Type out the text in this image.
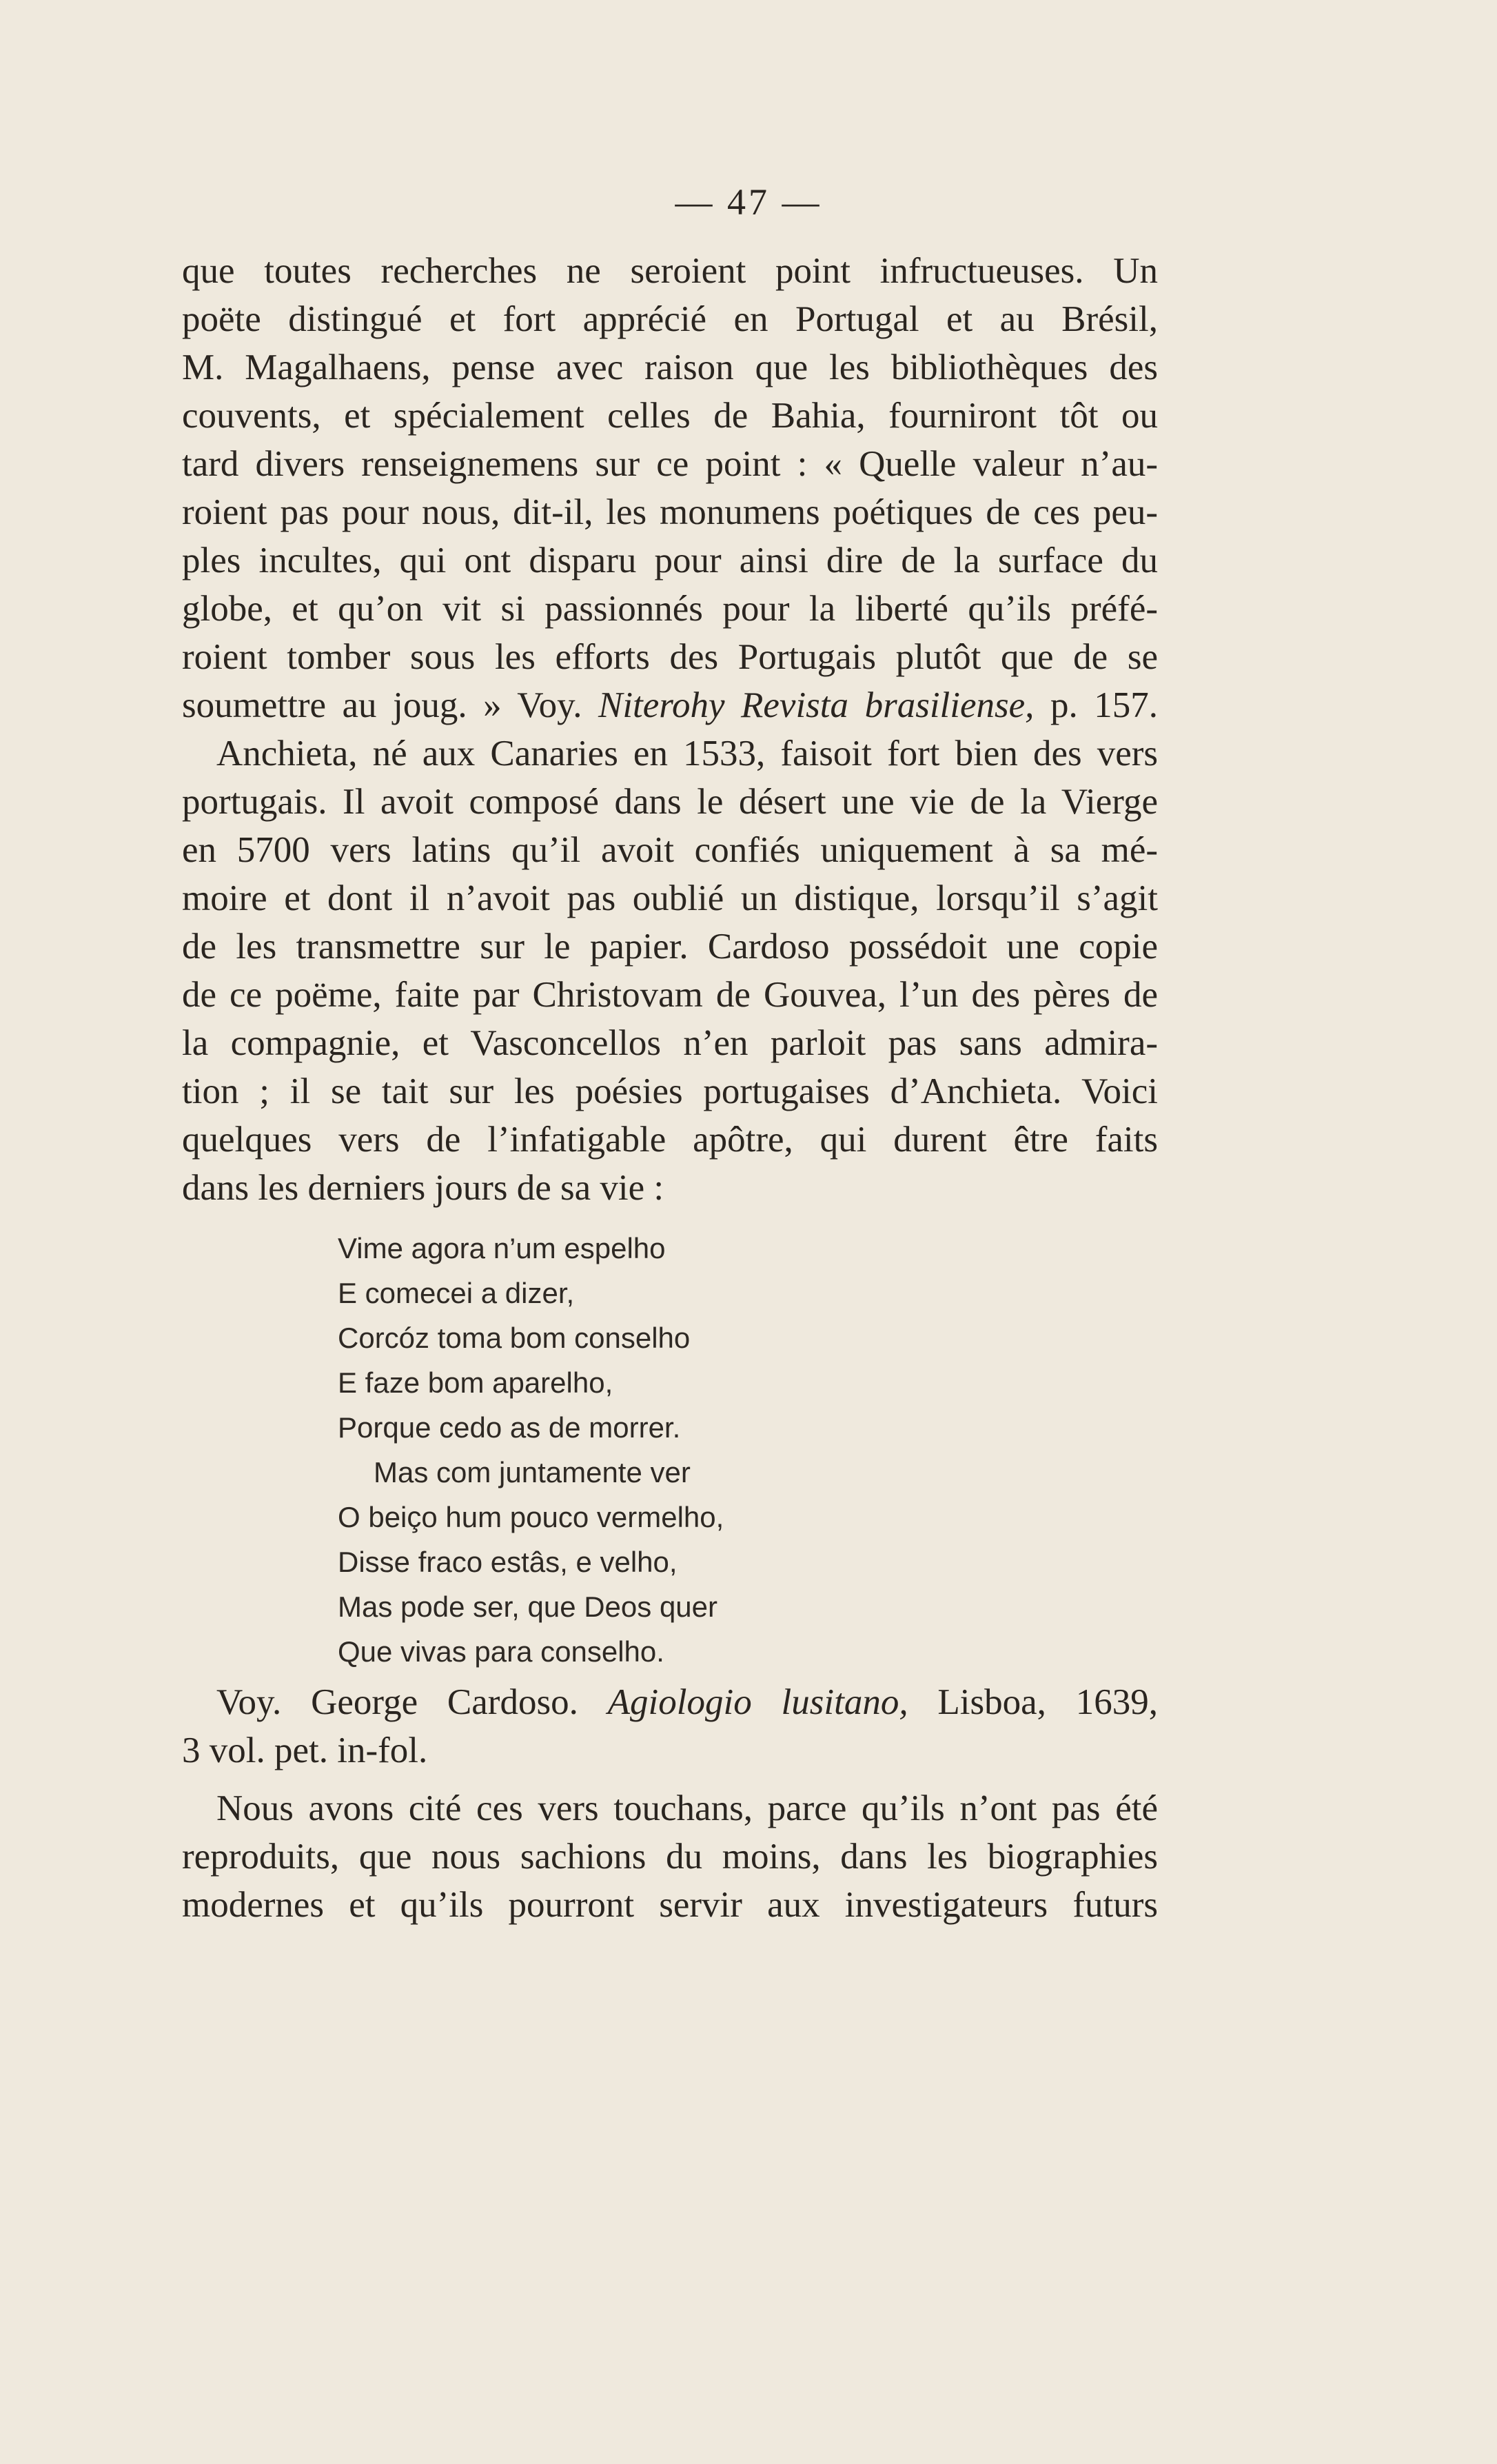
— 47 —
que toutes recherches ne seroient point infructueuses. Un
poëte distingué et fort apprécié en Portugal et au Brésil,
M. Magalhaens, pense avec raison que les bibliothèques des
couvents, et spécialement celles de Bahia, fourniront tôt ou
tard divers renseignemens sur ce point : « Quelle valeur n’au-
roient pas pour nous, dit-il, les monumens poétiques de ces peu-
ples incultes, qui ont disparu pour ainsi dire de la surface du
globe, et qu’on vit si passionnés pour la liberté qu’ils préfé-
roient tomber sous les efforts des Portugais plutôt que de se
soumettre au joug. » Voy. Niterohy Revista brasiliense, p. 157.
Anchieta, né aux Canaries en 1533, faisoit fort bien des vers
portugais. Il avoit composé dans le désert une vie de la Vierge
en 5700 vers latins qu’il avoit confiés uniquement à sa mé-
moire et dont il n’avoit pas oublié un distique, lorsqu’il s’agit
de les transmettre sur le papier. Cardoso possédoit une copie
de ce poëme, faite par Christovam de Gouvea, l’un des pères de
la compagnie, et Vasconcellos n’en parloit pas sans admira-
tion ; il se tait sur les poésies portugaises d’Anchieta. Voici
quelques vers de l’infatigable apôtre, qui durent être faits
dans les derniers jours de sa vie :
Vime agora n’um espelho
E comecei a dizer,
Corcóz toma bom conselho
E faze bom aparelho,
Porque cedo as de morrer.
Mas com juntamente ver
O beiço hum pouco vermelho,
Disse fraco estâs, e velho,
Mas pode ser, que Deos quer
Que vivas para conselho.
Voy. George Cardoso. Agiologio lusitano, Lisboa, 1639,
3 vol. pet. in-fol.
Nous avons cité ces vers touchans, parce qu’ils n’ont pas été
reproduits, que nous sachions du moins, dans les biographies
modernes et qu’ils pourront servir aux investigateurs futurs
